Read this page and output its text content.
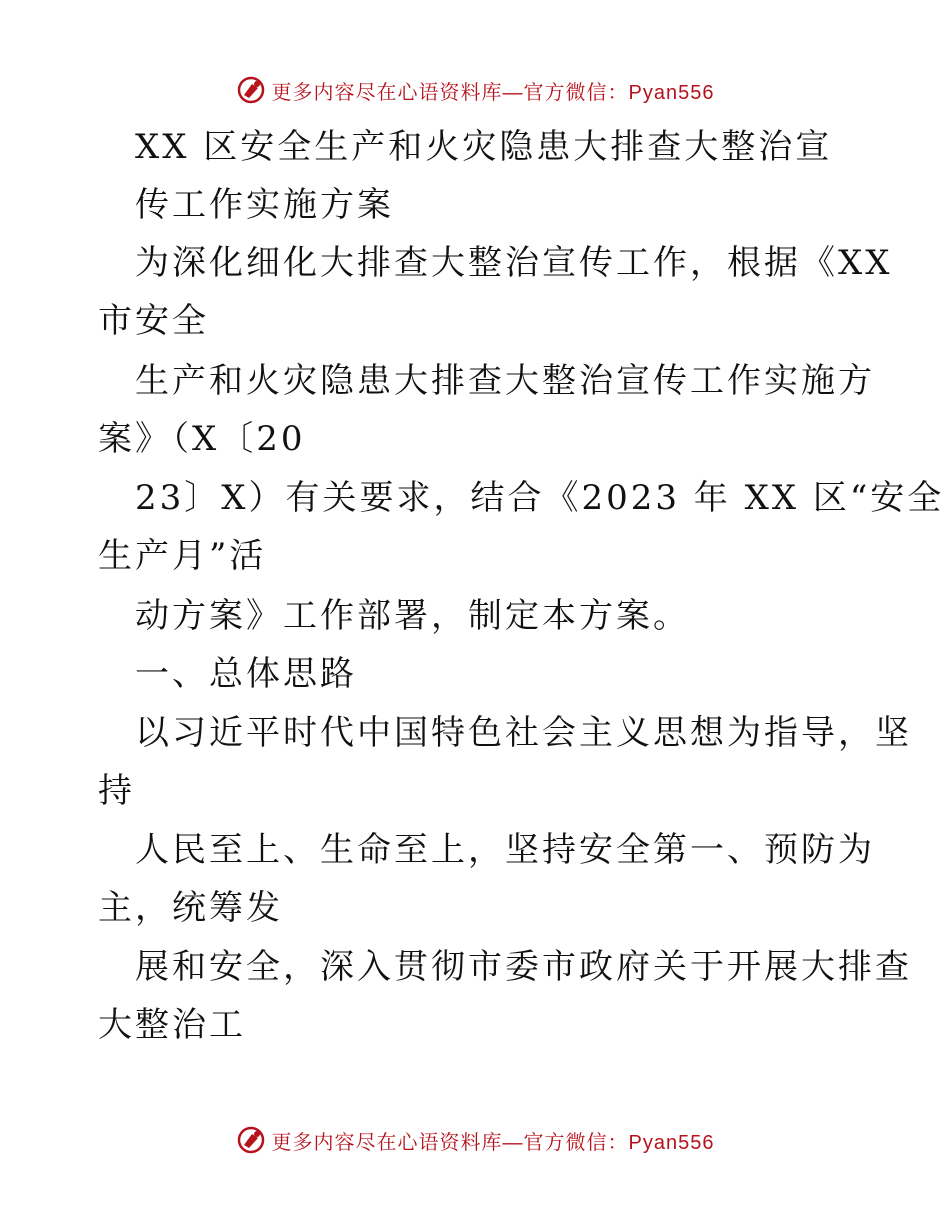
更多内容尽在心语资料库—官方微信：Pyan556
XX 区安全生产和火灾隐患大排查大整治宣
传工作实施方案
为深化细化大排查大整治宣传工作，根据《XX
市安全
生产和火灾隐患大排查大整治宣传工作实施方
案》（X〔20
23〕X）有关要求，结合《2023 年 XX 区“安全
生产月”活
动方案》工作部署，制定本方案。
一、总体思路
以习近平时代中国特色社会主义思想为指导，坚
持
人民至上、生命至上，坚持安全第一、预防为
主，统筹发
展和安全，深入贯彻市委市政府关于开展大排查
大整治工
更多内容尽在心语资料库—官方微信：Pyan556
